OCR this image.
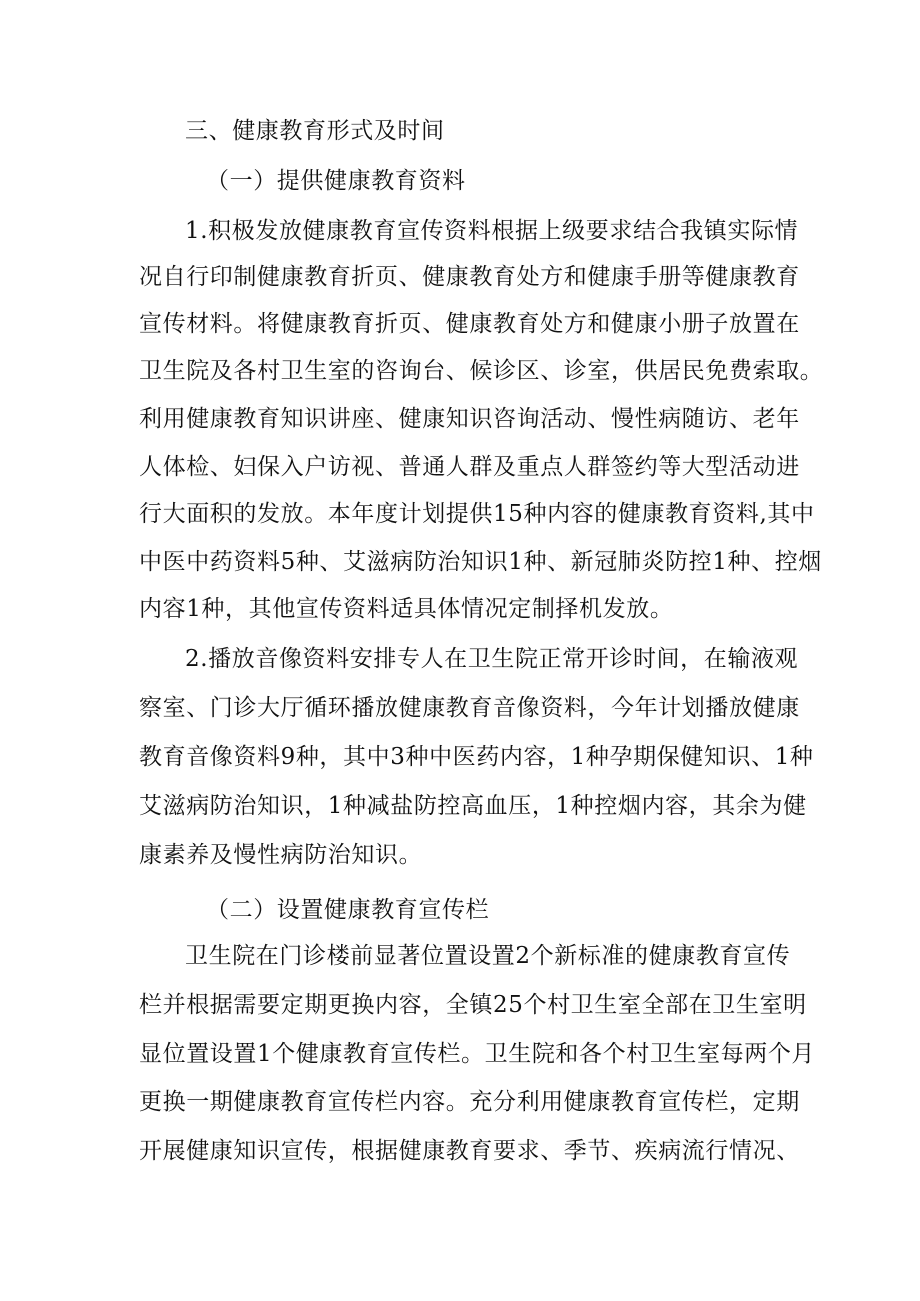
三、健康教育形式及时间
（一）提供健康教育资料
1.积极发放健康教育宣传资料根据上级要求结合我镇实际情
况自行印制健康教育折页、健康教育处方和健康手册等健康教育
宣传材料。将健康教育折页、健康教育处方和健康小册子放置在
卫生院及各村卫生室的咨询台、候诊区、诊室，供居民免费索取。
利用健康教育知识讲座、健康知识咨询活动、慢性病随访、老年
人体检、妇保入户访视、普通人群及重点人群签约等大型活动进
行大面积的发放。本年度计划提供15种内容的健康教育资料,其中
中医中药资料5种、艾滋病防治知识1种、新冠肺炎防控1种、控烟
内容1种，其他宣传资料适具体情况定制择机发放。
2.播放音像资料安排专人在卫生院正常开诊时间，在输液观
察室、门诊大厅循环播放健康教育音像资料，今年计划播放健康
教育音像资料9种，其中3种中医药内容，1种孕期保健知识、1种
艾滋病防治知识，1种减盐防控高血压，1种控烟内容，其余为健
康素养及慢性病防治知识。
（二）设置健康教育宣传栏
卫生院在门诊楼前显著位置设置2个新标准的健康教育宣传
栏并根据需要定期更换内容，全镇25个村卫生室全部在卫生室明
显位置设置1个健康教育宣传栏。卫生院和各个村卫生室每两个月
更换一期健康教育宣传栏内容。充分利用健康教育宣传栏，定期
开展健康知识宣传，根据健康教育要求、季节、疾病流行情况、
